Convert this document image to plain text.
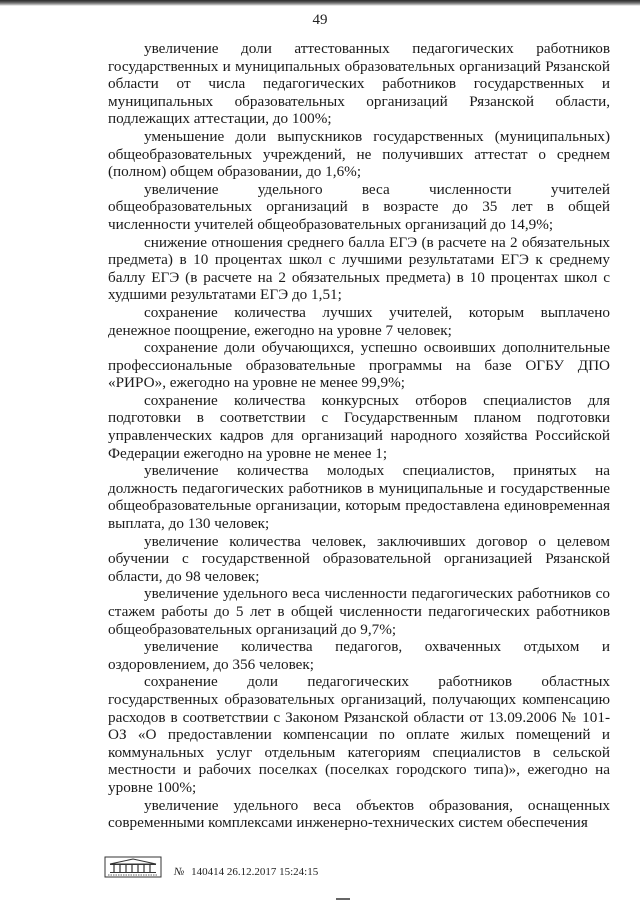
49

увеличение доли аттестованных педагогических работников государственных и муниципальных образовательных организаций Рязанской области от числа педагогических работников государственных и муниципальных образовательных организаций Рязанской области, подлежащих аттестации, до 100%;

уменьшение доли выпускников государственных (муниципальных) общеобразовательных учреждений, не получивших аттестат о среднем (полном) общем образовании, до 1,6%;

увеличение удельного веса численности учителей общеобразовательных организаций в возрасте до 35 лет в общей численности учителей общеобразовательных организаций до 14,9%;

снижение отношения среднего балла ЕГЭ (в расчете на 2 обязательных предмета) в 10 процентах школ с лучшими результатами ЕГЭ к среднему баллу ЕГЭ (в расчете на 2 обязательных предмета) в 10 процентах школ с худшими результатами ЕГЭ до 1,51;

сохранение количества лучших учителей, которым выплачено денежное поощрение, ежегодно на уровне 7 человек;

сохранение доли обучающихся, успешно освоивших дополнительные профессиональные образовательные программы на базе ОГБУ ДПО «РИРО», ежегодно на уровне не менее 99,9%;

сохранение количества конкурсных отборов специалистов для подготовки в соответствии с Государственным планом подготовки управленческих кадров для организаций народного хозяйства Российской Федерации ежегодно на уровне не менее 1;

увеличение количества молодых специалистов, принятых на должность педагогических работников в муниципальные и государственные общеобразовательные организации, которым предоставлена единовременная выплата, до 130 человек;

увеличение количества человек, заключивших договор о целевом обучении с государственной образовательной организацией Рязанской области, до 98 человек;

увеличение удельного веса численности педагогических работников со стажем работы до 5 лет в общей численности педагогических работников общеобразовательных организаций до 9,7%;

увеличение количества педагогов, охваченных отдыхом и оздоровлением, до 356 человек;

сохранение доли педагогических работников областных государственных образовательных организаций, получающих компенсацию расходов в соответствии с Законом Рязанской области от 13.09.2006 № 101-ОЗ «О предоставлении компенсации по оплате жилых помещений и коммунальных услуг отдельным категориям специалистов в сельской местности и рабочих поселках (поселках городского типа)», ежегодно на уровне 100%;

увеличение удельного веса объектов образования, оснащенных современными комплексами инженерно-технических систем обеспечения

№ 140414 26.12.2017 15:24:15
